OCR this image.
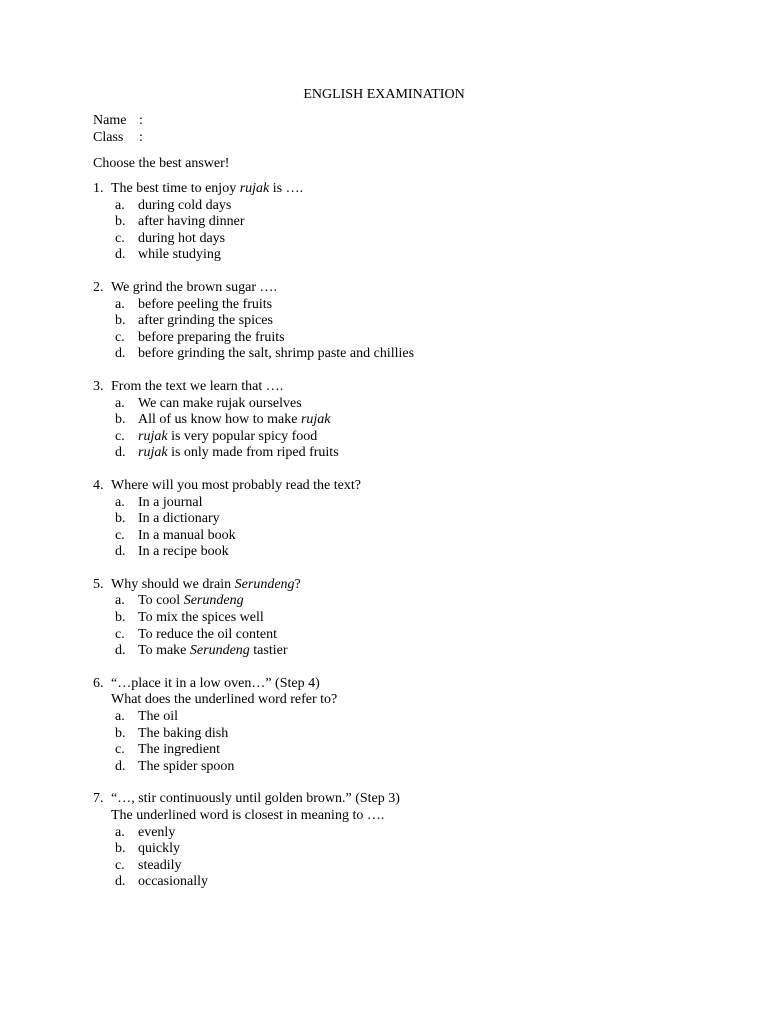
ENGLISH EXAMINATION
Name :
Class	:
Choose the best answer!
1. The best time to enjoy rujak is ….
a. during cold days
b. after having dinner
c. during hot days
d. while studying
2. We grind the brown sugar ….
a. before peeling the fruits
b. after grinding the spices
c. before preparing the fruits
d. before grinding the salt, shrimp paste and chillies
3. From the text we learn that ….
a. We can make rujak ourselves
b. All of us know how to make rujak
c. rujak is very popular spicy food
d. rujak is only made from riped fruits
4. Where will you most probably read the text?
a. In a journal
b. In a dictionary
c. In a manual book
d. In a recipe book
5. Why should we drain Serundeng?
a. To cool Serundeng
b. To mix the spices well
c. To reduce the oil content
d. To make Serundeng tastier
6. “…place it in a low oven…” (Step 4)
What does the underlined word refer to?
a. The oil
b. The baking dish
c. The ingredient
d. The spider spoon
7. “…, stir continuously until golden brown.” (Step 3)
The underlined word is closest in meaning to ….
a. evenly
b. quickly
c. steadily
d. occasionally
